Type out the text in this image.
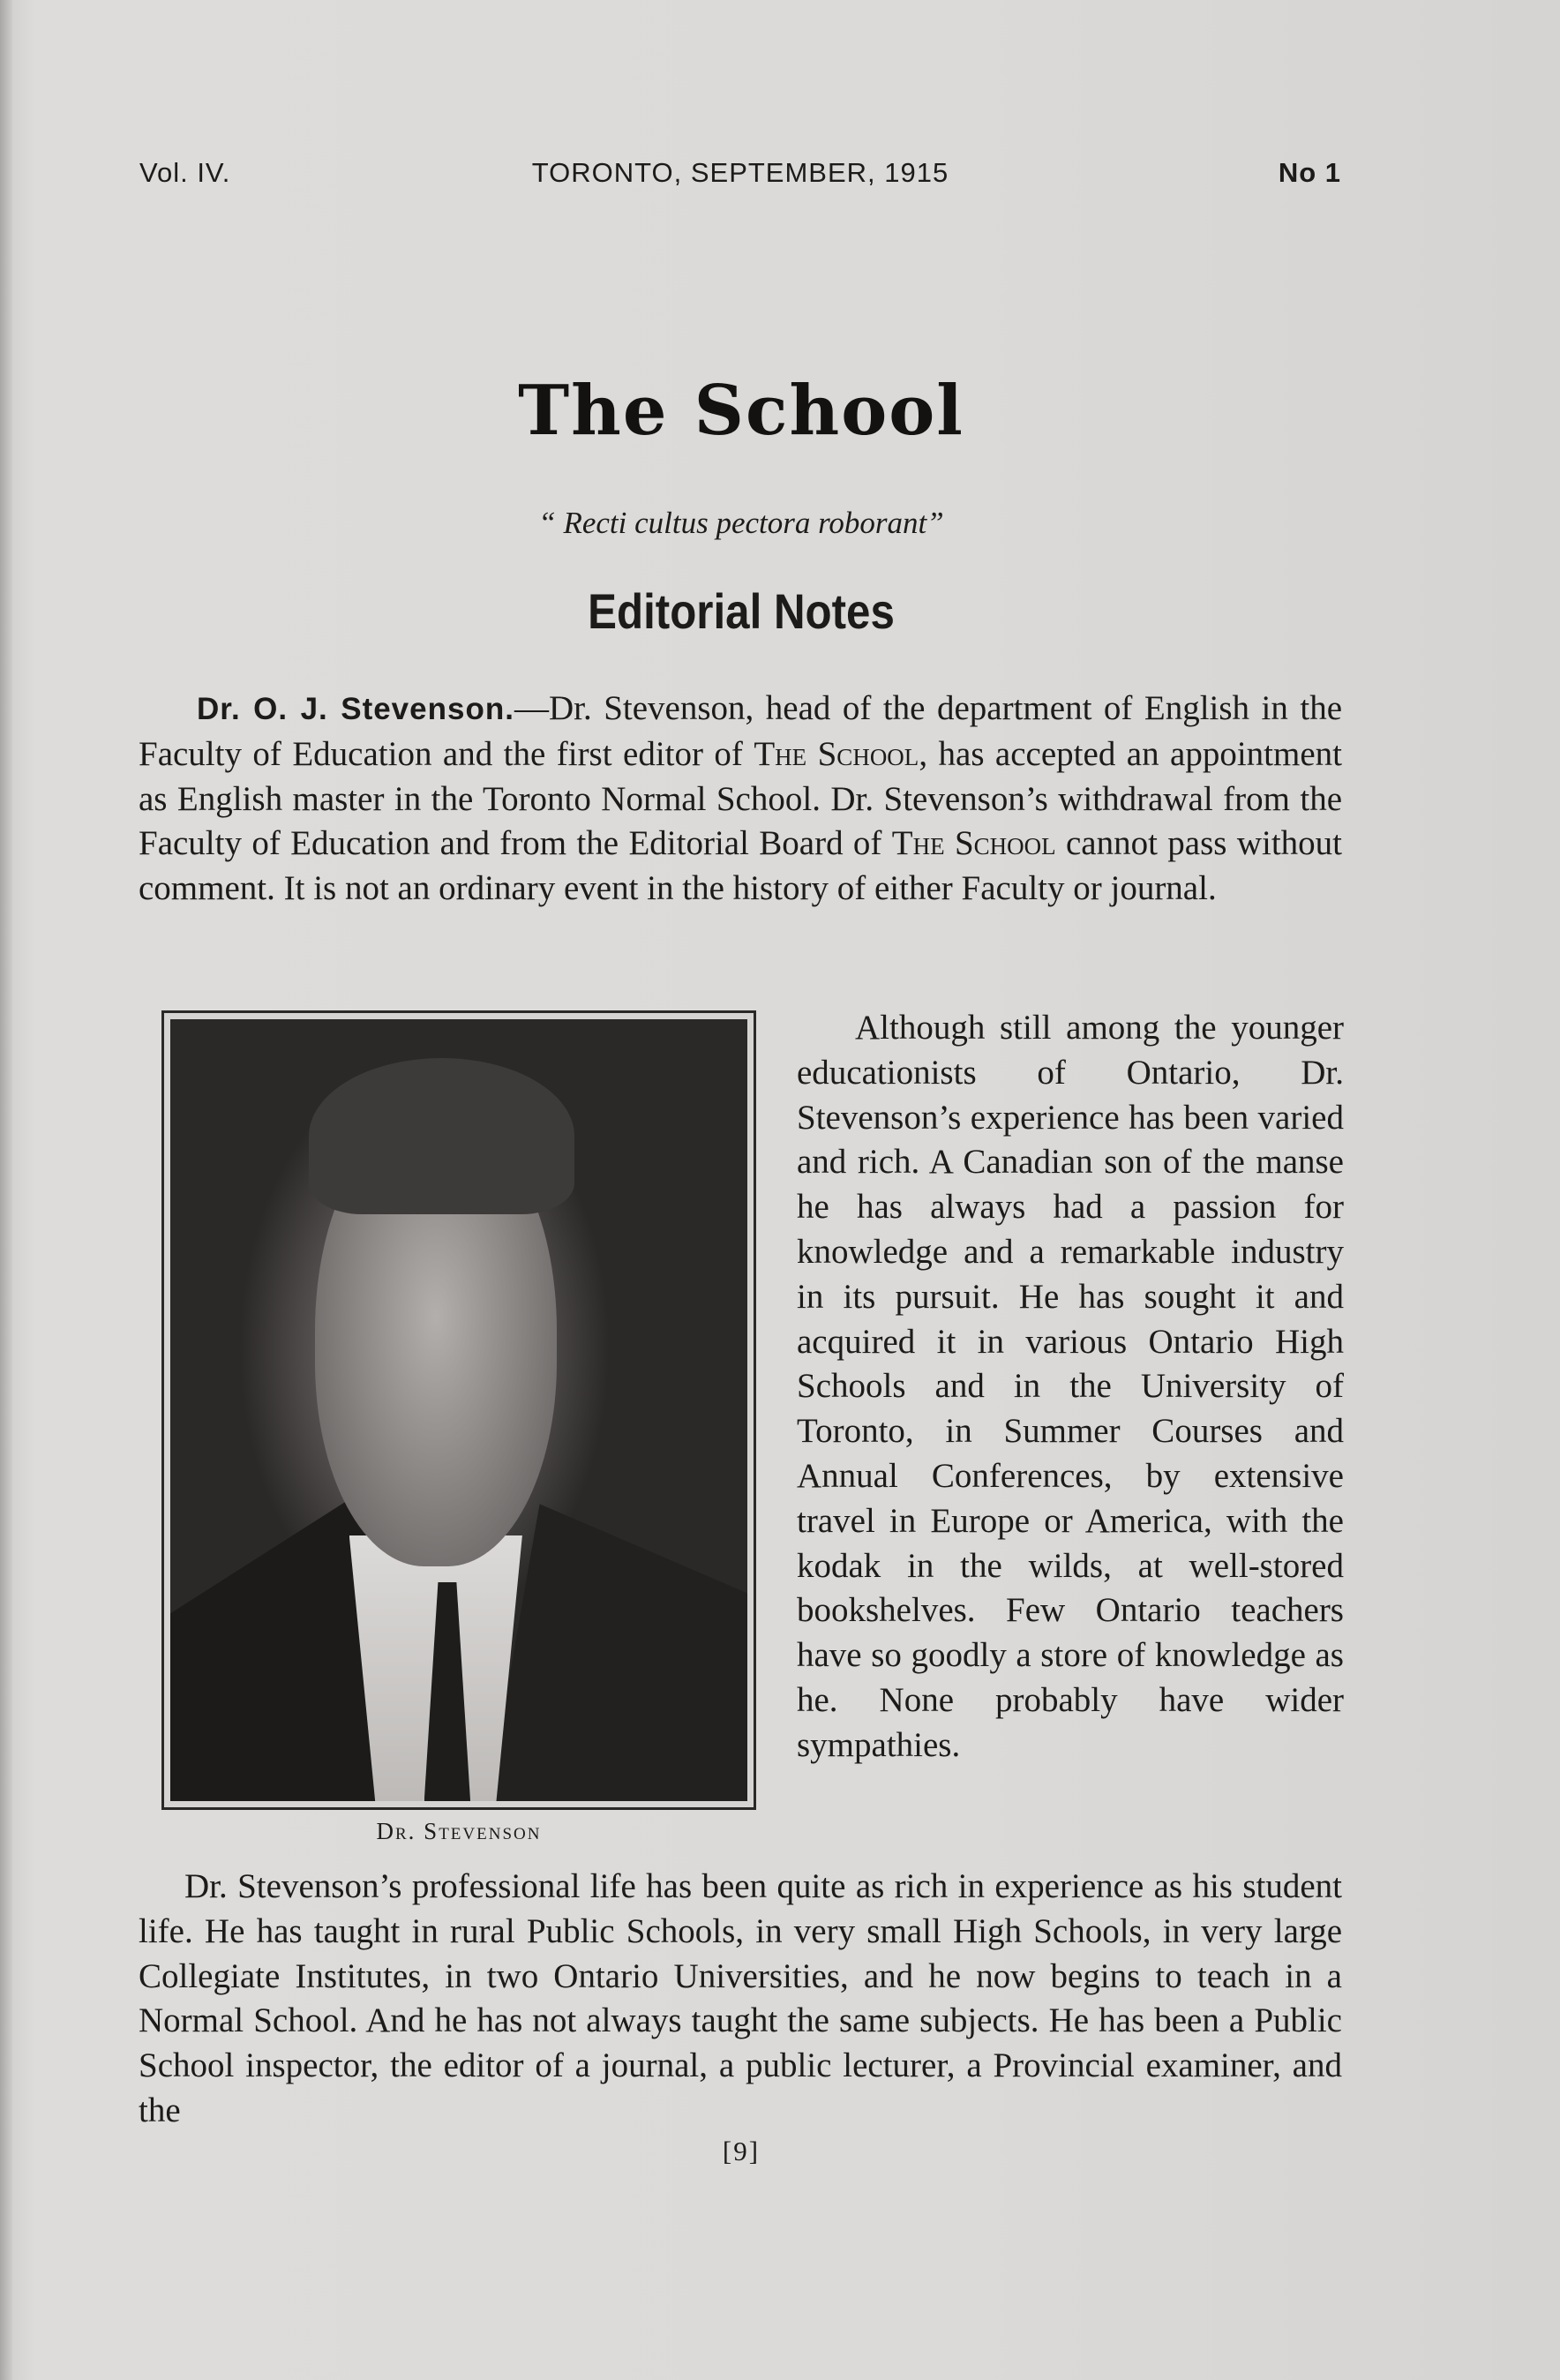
Vol. IV.	TORONTO, SEPTEMBER, 1915	No 1
The School
“ Recti cultus pectora roborant”
Editorial Notes
Dr. O. J. Stevenson.—Dr. Stevenson, head of the department of English in the Faculty of Education and the first editor of The School, has accepted an appointment as English master in the Toronto Normal School. Dr. Stevenson’s withdrawal from the Faculty of Education and from the Editorial Board of The School cannot pass without comment. It is not an ordinary event in the history of either Faculty or journal.
Dr. Stevenson
Although still among the younger educationists of Ontario, Dr. Stevenson’s experience has been varied and rich. A Canadian son of the manse he has always had a passion for knowledge and a remarkable industry in its pursuit. He has sought it and acquired it in various Ontario High Schools and in the University of Toronto, in Summer Courses and Annual Conferences, by extensive travel in Europe or America, with the kodak in the wilds, at well-stored bookshelves. Few Ontario teachers have so goodly a store of knowledge as he. None probably have wider sympathies.
Dr. Stevenson’s professional life has been quite as rich in experience as his student life. He has taught in rural Public Schools, in very small High Schools, in very large Collegiate Institutes, in two Ontario Universities, and he now begins to teach in a Normal School. And he has not always taught the same subjects. He has been a Public School inspector, the editor of a journal, a public lecturer, a Provincial examiner, and the
[9]
